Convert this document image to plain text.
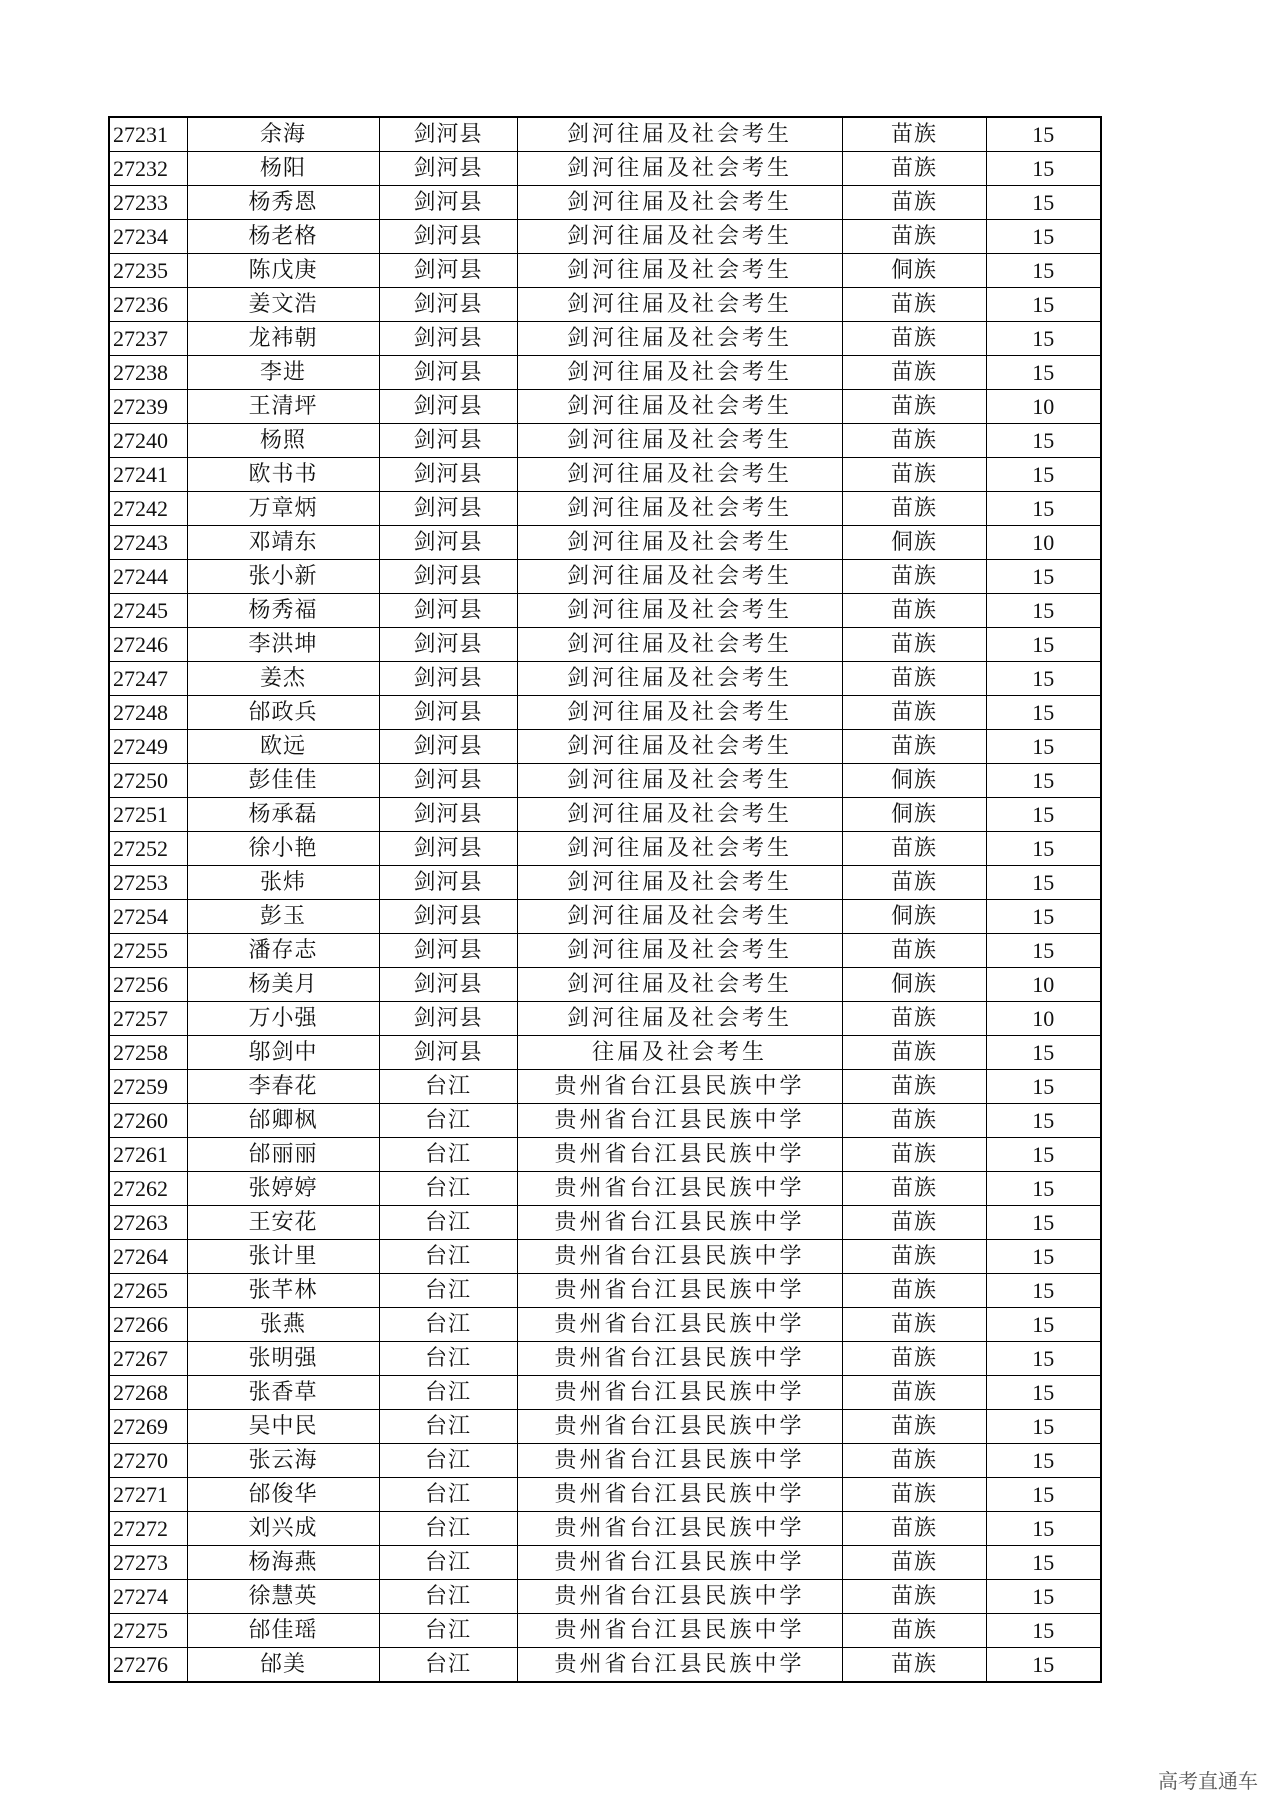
27231	余海	剑河县	剑河往届及社会考生	苗族	15
27232	杨阳	剑河县	剑河往届及社会考生	苗族	15
27233	杨秀恩	剑河县	剑河往届及社会考生	苗族	15
27234	杨老格	剑河县	剑河往届及社会考生	苗族	15
27235	陈戊庚	剑河县	剑河往届及社会考生	侗族	15
27236	姜文浩	剑河县	剑河往届及社会考生	苗族	15
27237	龙袆朝	剑河县	剑河往届及社会考生	苗族	15
27238	李进	剑河县	剑河往届及社会考生	苗族	15
27239	王清坪	剑河县	剑河往届及社会考生	苗族	10
27240	杨照	剑河县	剑河往届及社会考生	苗族	15
27241	欧书书	剑河县	剑河往届及社会考生	苗族	15
27242	万章炳	剑河县	剑河往届及社会考生	苗族	15
27243	邓靖东	剑河县	剑河往届及社会考生	侗族	10
27244	张小新	剑河县	剑河往届及社会考生	苗族	15
27245	杨秀福	剑河县	剑河往届及社会考生	苗族	15
27246	李洪坤	剑河县	剑河往届及社会考生	苗族	15
27247	姜杰	剑河县	剑河往届及社会考生	苗族	15
27248	邰政兵	剑河县	剑河往届及社会考生	苗族	15
27249	欧远	剑河县	剑河往届及社会考生	苗族	15
27250	彭佳佳	剑河县	剑河往届及社会考生	侗族	15
27251	杨承磊	剑河县	剑河往届及社会考生	侗族	15
27252	徐小艳	剑河县	剑河往届及社会考生	苗族	15
27253	张炜	剑河县	剑河往届及社会考生	苗族	15
27254	彭玉	剑河县	剑河往届及社会考生	侗族	15
27255	潘存志	剑河县	剑河往届及社会考生	苗族	15
27256	杨美月	剑河县	剑河往届及社会考生	侗族	10
27257	万小强	剑河县	剑河往届及社会考生	苗族	10
27258	邬剑中	剑河县	往届及社会考生	苗族	15
27259	李春花	台江	贵州省台江县民族中学	苗族	15
27260	邰卿枫	台江	贵州省台江县民族中学	苗族	15
27261	邰丽丽	台江	贵州省台江县民族中学	苗族	15
27262	张婷婷	台江	贵州省台江县民族中学	苗族	15
27263	王安花	台江	贵州省台江县民族中学	苗族	15
27264	张计里	台江	贵州省台江县民族中学	苗族	15
27265	张芊林	台江	贵州省台江县民族中学	苗族	15
27266	张燕	台江	贵州省台江县民族中学	苗族	15
27267	张明强	台江	贵州省台江县民族中学	苗族	15
27268	张香草	台江	贵州省台江县民族中学	苗族	15
27269	吴中民	台江	贵州省台江县民族中学	苗族	15
27270	张云海	台江	贵州省台江县民族中学	苗族	15
27271	邰俊华	台江	贵州省台江县民族中学	苗族	15
27272	刘兴成	台江	贵州省台江县民族中学	苗族	15
27273	杨海燕	台江	贵州省台江县民族中学	苗族	15
27274	徐慧英	台江	贵州省台江县民族中学	苗族	15
27275	邰佳瑶	台江	贵州省台江县民族中学	苗族	15
27276	邰美	台江	贵州省台江县民族中学	苗族	15
高考直通车
